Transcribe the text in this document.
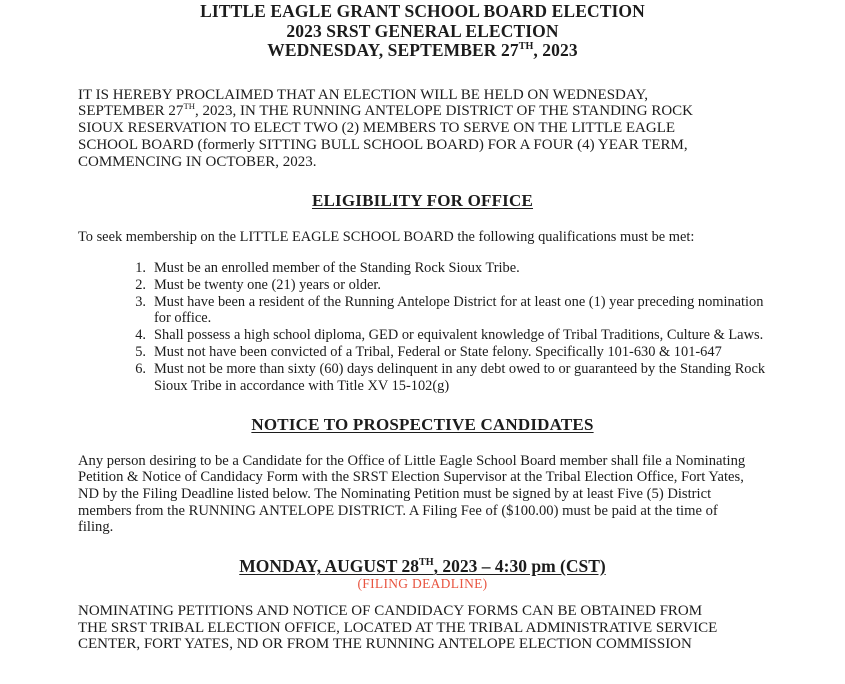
LITTLE EAGLE GRANT SCHOOL BOARD ELECTION
2023 SRST GENERAL ELECTION
WEDNESDAY, SEPTEMBER 27TH, 2023
IT IS HEREBY PROCLAIMED THAT AN ELECTION WILL BE HELD ON WEDNESDAY,
SEPTEMBER 27TH, 2023, IN THE RUNNING ANTELOPE DISTRICT OF THE STANDING ROCK
SIOUX RESERVATION TO ELECT TWO (2) MEMBERS TO SERVE ON THE LITTLE EAGLE
SCHOOL BOARD (formerly SITTING BULL SCHOOL BOARD) FOR A FOUR (4) YEAR TERM,
COMMENCING IN OCTOBER, 2023.
ELIGIBILITY FOR OFFICE
To seek membership on the LITTLE EAGLE SCHOOL BOARD the following qualifications must be met:
Must be an enrolled member of the Standing Rock Sioux Tribe.
Must be twenty one (21) years or older.
Must have been a resident of the Running Antelope District for at least one (1) year preceding nomination for office.
Shall possess a high school diploma, GED or equivalent knowledge of Tribal Traditions, Culture & Laws.
Must not have been convicted of a Tribal, Federal or State felony. Specifically 101-630 & 101-647
Must not be more than sixty (60) days delinquent in any debt owed to or guaranteed by the Standing Rock Sioux Tribe in accordance with Title XV 15-102(g)
NOTICE TO PROSPECTIVE CANDIDATES
Any person desiring to be a Candidate for the Office of Little Eagle School Board member shall file a Nominating
Petition & Notice of Candidacy Form with the SRST Election Supervisor at the Tribal Election Office, Fort Yates,
ND by the Filing Deadline listed below. The Nominating Petition must be signed by at least Five (5) District
members from the RUNNING ANTELOPE DISTRICT. A Filing Fee of ($100.00) must be paid at the time of
filing.
MONDAY, AUGUST 28TH, 2023 – 4:30 pm (CST)
(FILING DEADLINE)
NOMINATING PETITIONS AND NOTICE OF CANDIDACY FORMS CAN BE OBTAINED FROM
THE SRST TRIBAL ELECTION OFFICE, LOCATED AT THE TRIBAL ADMINISTRATIVE SERVICE
CENTER, FORT YATES, ND OR FROM THE RUNNING ANTELOPE ELECTION COMMISSION
